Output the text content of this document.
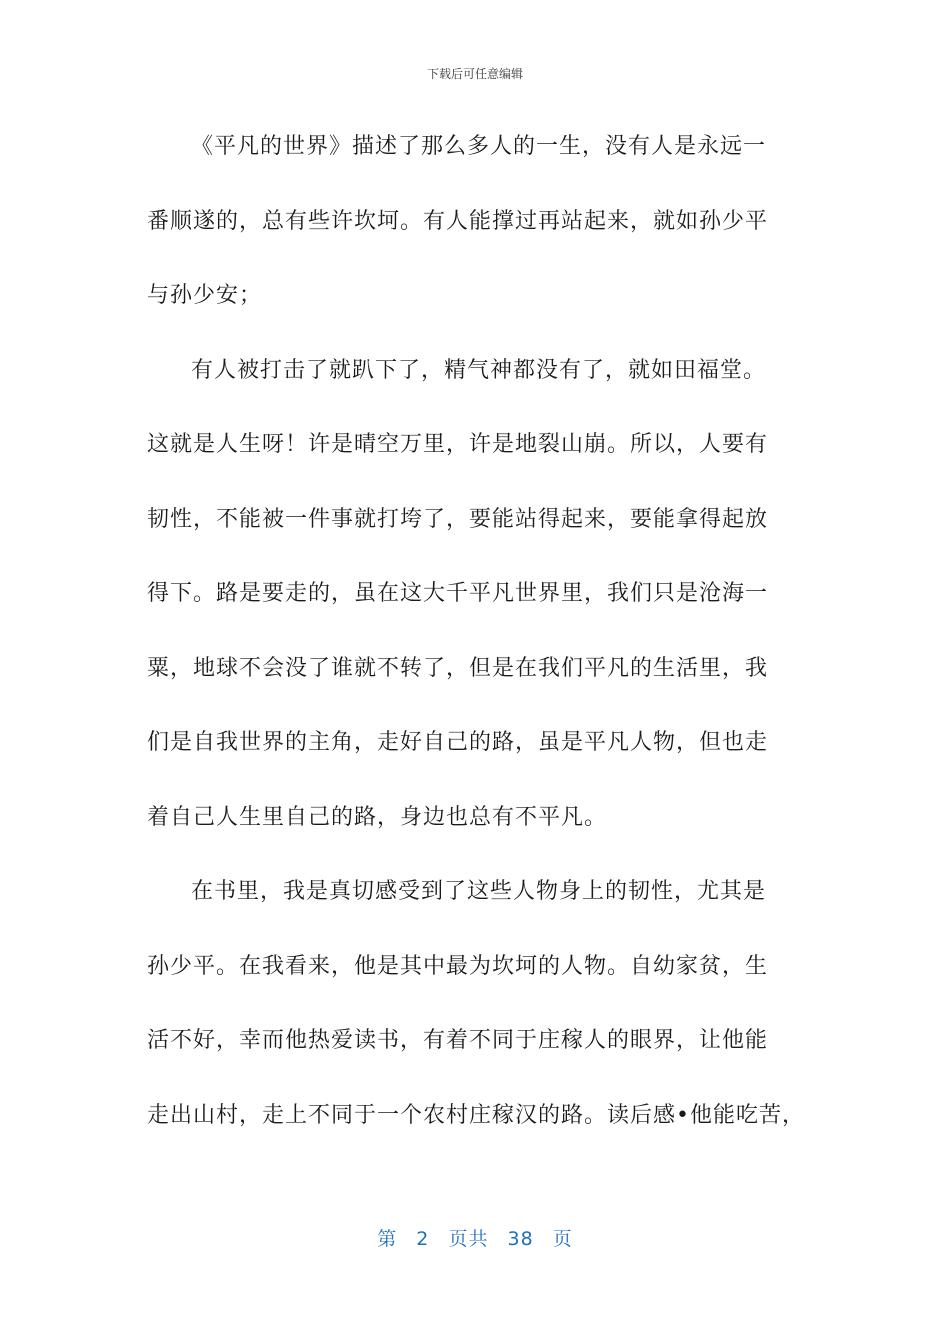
下载后可任意编辑
《平凡的世界》描述了那么多人的一生，没有人是永远一
番顺遂的，总有些许坎坷。有人能撑过再站起来，就如孙少平
与孙少安；
有人被打击了就趴下了，精气神都没有了，就如田福堂。
这就是人生呀！许是晴空万里，许是地裂山崩。所以，人要有
韧性，不能被一件事就打垮了，要能站得起来，要能拿得起放
得下。路是要走的，虽在这大千平凡世界里，我们只是沧海一
粟，地球不会没了谁就不转了，但是在我们平凡的生活里，我
们是自我世界的主角，走好自己的路，虽是平凡人物，但也走
着自己人生里自己的路，身边也总有不平凡。
在书里，我是真切感受到了这些人物身上的韧性，尤其是
孙少平。在我看来，他是其中最为坎坷的人物。自幼家贫，生
活不好，幸而他热爱读书，有着不同于庄稼人的眼界，让他能
走出山村，走上不同于一个农村庄稼汉的路。读后感•他能吃苦，
第 2 页共 38 页
